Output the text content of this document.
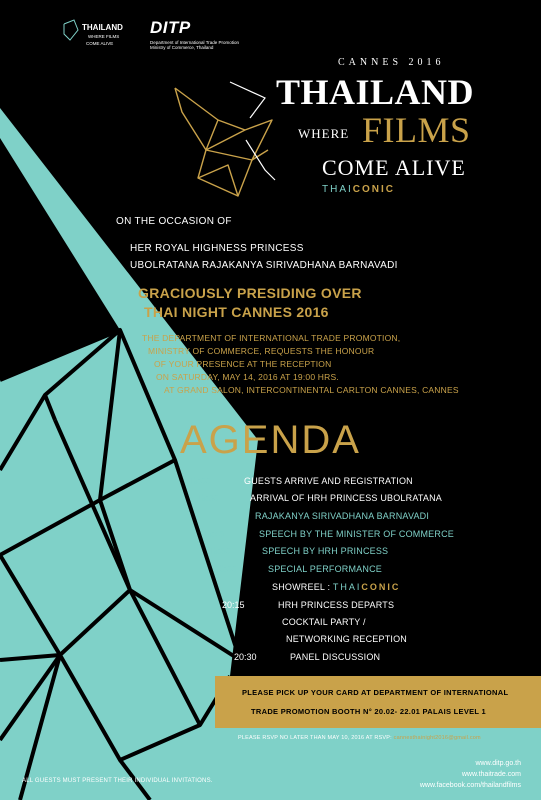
THAILAND
WHERE FILMS
COME ALIVE
DITP
Department of International Trade Promotion
Ministry of Commerce, Thailand
CANNES 2016
THAILAND
WHERE FILMS
COME ALIVE
THAICONIC
ON THE OCCASION OF
HER ROYAL HIGHNESS PRINCESS
UBOLRATANA RAJAKANYA SIRIVADHANA BARNAVADI
GRACIOUSLY PRESIDING OVER
THAI NIGHT CANNES 2016
THE DEPARTMENT OF INTERNATIONAL TRADE PROMOTION,
MINISTRY OF COMMERCE, REQUESTS THE HONOUR
OF YOUR PRESENCE AT THE RECEPTION
ON SATURDAY, MAY 14, 2016 AT 19:00 HRS.
AT GRAND SALON, INTERCONTINENTAL CARLTON CANNES, CANNES
AGENDA
19:00	GUESTS ARRIVE AND REGISTRATION
19:30	ARRIVAL OF HRH PRINCESS UBOLRATANA
RAJAKANYA SIRIVADHANA BARNAVADI
19:45	SPEECH BY THE MINISTER OF COMMERCE
19:50	SPEECH BY HRH PRINCESS
20:00	SPECIAL PERFORMANCE
SHOWREEL : THAICONIC
20:15	HRH PRINCESS DEPARTS
COCKTAIL PARTY /
NETWORKING RECEPTION
20:30	PANEL DISCUSSION
PLEASE PICK UP YOUR CARD AT DEPARTMENT OF INTERNATIONAL
TRADE PROMOTION BOOTH N° 20.02- 22.01 PALAIS LEVEL 1
PLEASE RSVP NO LATER THAN MAY 10, 2016 AT RSVP: cannesthainight2016@gmail.com
ALL GUESTS MUST PRESENT THEIR INDIVIDUAL INVITATIONS.
www.ditp.go.th
www.thaitrade.com
www.facebook.com/thailandfilms
